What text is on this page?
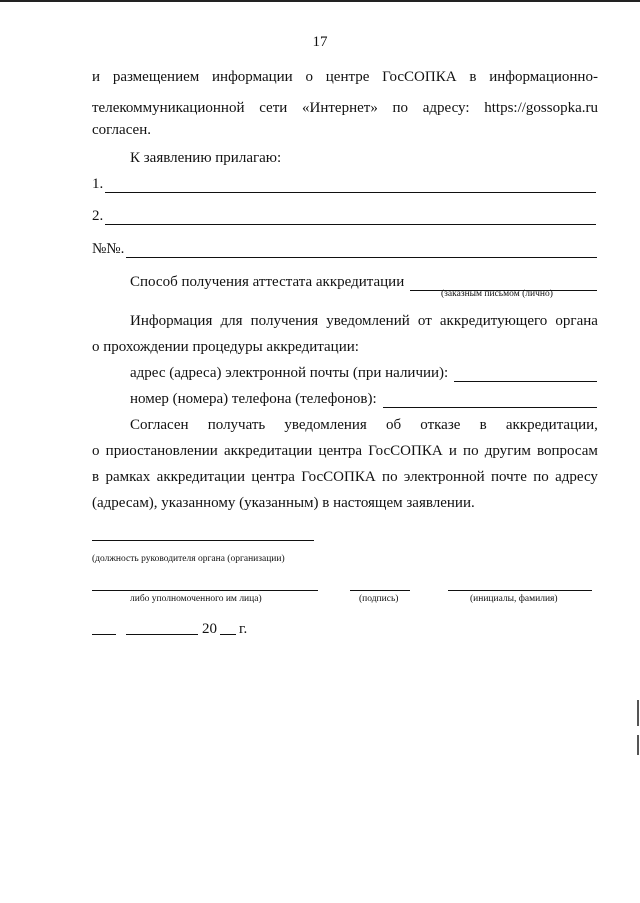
17
и размещением информации о центре ГосСОПКА в информационно-
телекоммуникационной сети «Интернет» по адресу: https://gossopka.ru
согласен.
К заявлению прилагаю:
1.
2.
№№.
Способ получения аттестата аккредитации
(заказным письмом (лично)
Информация для получения уведомлений от аккредитующего органа
о прохождении процедуры аккредитации:
адрес (адреса) электронной почты (при наличии):
номер (номера) телефона (телефонов):
Согласен получать уведомления об отказе в аккредитации,
о приостановлении аккредитации центра ГосСОПКА и по другим вопросам
в рамках аккредитации центра ГосСОПКА по электронной почте по адресу
(адресам), указанному (указанным) в настоящем заявлении.
(должность руководителя органа (организации)
либо уполномоченного им лица)	(подпись)	(инициалы, фамилия)
20 г.
